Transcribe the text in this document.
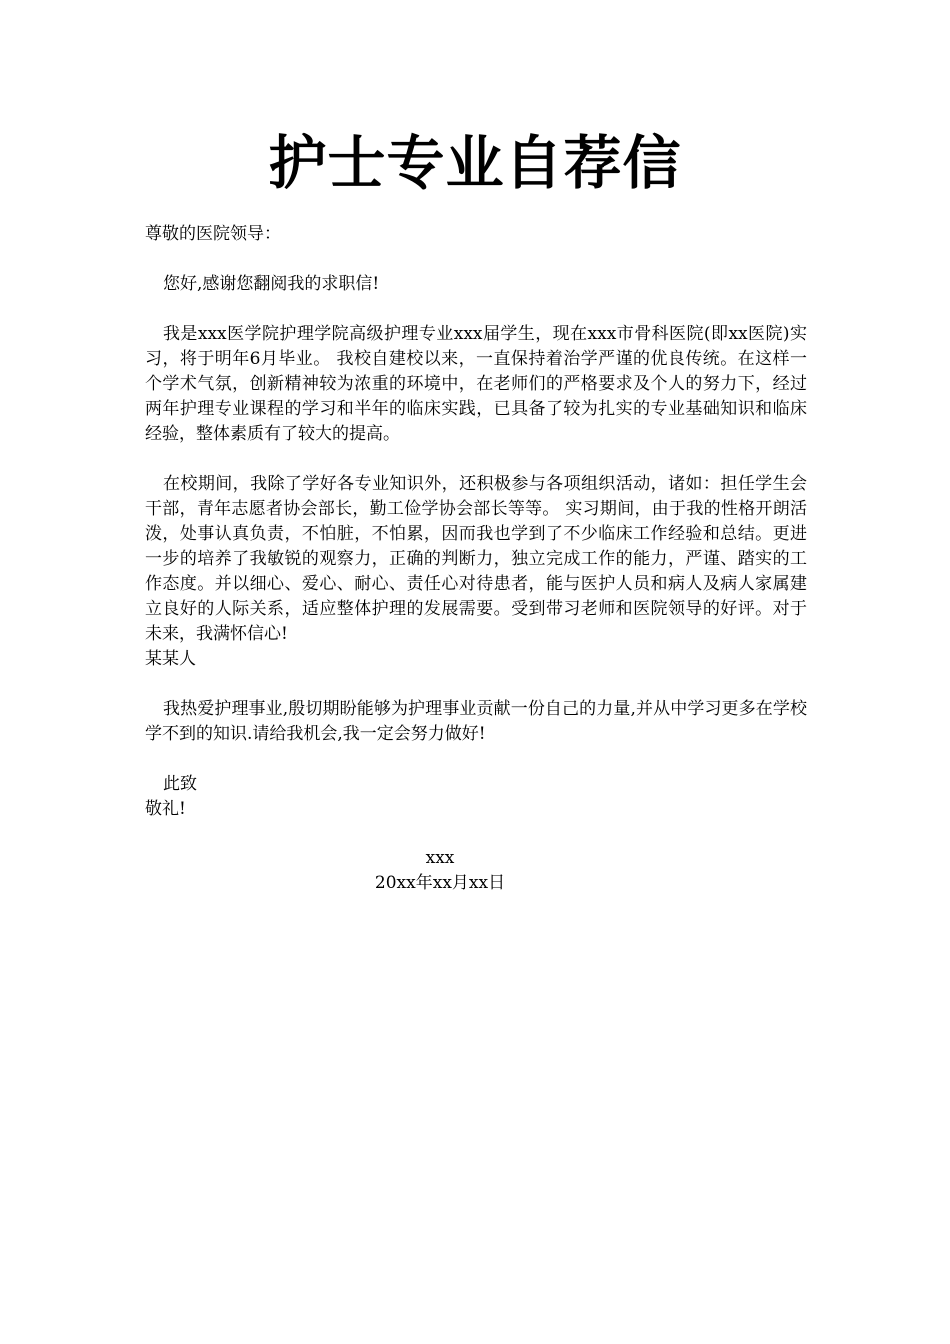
护士专业自荐信

尊敬的医院领导：

您好,感谢您翻阅我的求职信!

我是xxx医学院护理学院高级护理专业xxx届学生，现在xxx市骨科医院(即xx医院)实习，将于明年6月毕业。 我校自建校以来，一直保持着治学严谨的优良传统。在这样一个学术气氛，创新精神较为浓重的环境中，在老师们的严格要求及个人的努力下，经过两年护理专业课程的学习和半年的临床实践，已具备了较为扎实的专业基础知识和临床经验，整体素质有了较大的提高。

在校期间，我除了学好各专业知识外，还积极参与各项组织活动，诸如：担任学生会干部，青年志愿者协会部长，勤工俭学协会部长等等。 实习期间，由于我的性格开朗活泼，处事认真负责，不怕脏，不怕累，因而我也学到了不少临床工作经验和总结。更进一步的培养了我敏锐的观察力，正确的判断力，独立完成工作的能力，严谨、踏实的工作态度。并以细心、爱心、耐心、责任心对待患者，能与医护人员和病人及病人家属建立良好的人际关系，适应整体护理的发展需要。受到带习老师和医院领导的好评。对于未来，我满怀信心!

某某人

我热爱护理事业,殷切期盼能够为护理事业贡献一份自己的力量,并从中学习更多在学校学不到的知识.请给我机会,我一定会努力做好!

此致

敬礼!

xxx
20xx年xx月xx日
